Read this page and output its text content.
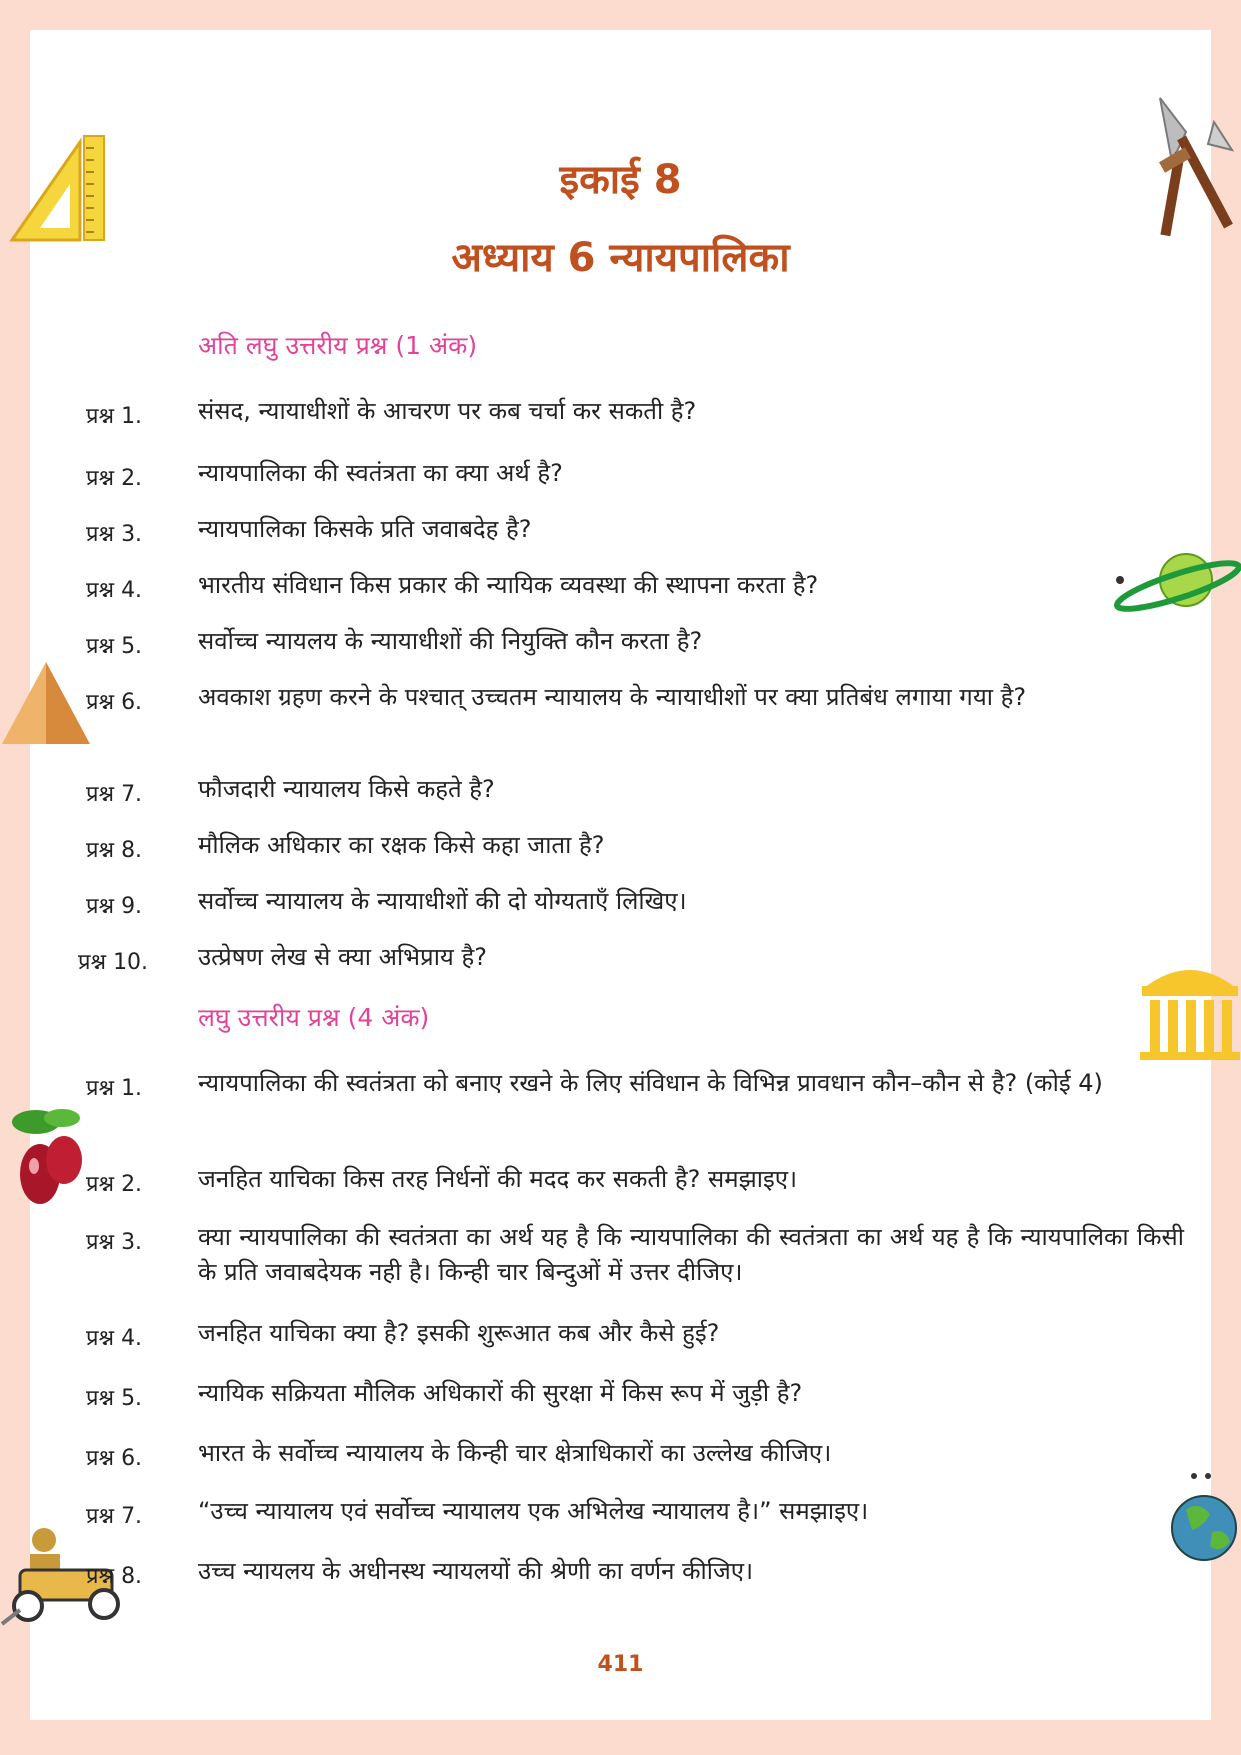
इकाई 8
अध्याय 6 न्यायपालिका
अति लघु उत्तरीय प्रश्न (1 अंक)
प्रश्न 1.	संसद, न्यायाधीशों के आचरण पर कब चर्चा कर सकती है?
प्रश्न 2.	न्यायपालिका की स्वतंत्रता का क्या अर्थ है?
प्रश्न 3.	न्यायपालिका किसके प्रति जवाबदेह है?
प्रश्न 4.	भारतीय संविधान किस प्रकार की न्यायिक व्यवस्था की स्थापना करता है?
प्रश्न 5.	सर्वोच्च न्यायलय के न्यायाधीशों की नियुक्ति कौन करता है?
प्रश्न 6.	अवकाश ग्रहण करने के पश्चात् उच्चतम न्यायालय के न्यायाधीशों पर क्या प्रतिबंध लगाया गया है?
प्रश्न 7.	फौजदारी न्यायालय किसे कहते है?
प्रश्न 8.	मौलिक अधिकार का रक्षक किसे कहा जाता है?
प्रश्न 9.	सर्वोच्च न्यायालय के न्यायाधीशों की दो योग्यताएँ लिखिए।
प्रश्न 10.	उत्प्रेषण लेख से क्या अभिप्राय है?
लघु उत्तरीय प्रश्न (4 अंक)
प्रश्न 1.	न्यायपालिका की स्वतंत्रता को बनाए रखने के लिए संविधान के विभिन्न प्रावधान कौन–कौन से है? (कोई 4)
प्रश्न 2.	जनहित याचिका किस तरह निर्धनों की मदद कर सकती है? समझाइए।
प्रश्न 3.	क्या न्यायपालिका की स्वतंत्रता का अर्थ यह है कि न्यायपालिका की स्वतंत्रता का अर्थ यह है कि न्यायपालिका किसी के प्रति जवाबदेयक नही है। किन्ही चार बिन्दुओं में उत्तर दीजिए।
प्रश्न 4.	जनहित याचिका क्या है? इसकी शुरूआत कब और कैसे हुई?
प्रश्न 5.	न्यायिक सक्रियता मौलिक अधिकारों की सुरक्षा में किस रूप में जुड़ी है?
प्रश्न 6.	भारत के सर्वोच्च न्यायालय के किन्ही चार क्षेत्राधिकारों का उल्लेख कीजिए।
प्रश्न 7.	“उच्च न्यायालय एवं सर्वोच्च न्यायालय एक अभिलेख न्यायालय है।” समझाइए।
प्रश्न 8.	उच्च न्यायलय के अधीनस्थ न्यायलयों की श्रेणी का वर्णन कीजिए।
411
